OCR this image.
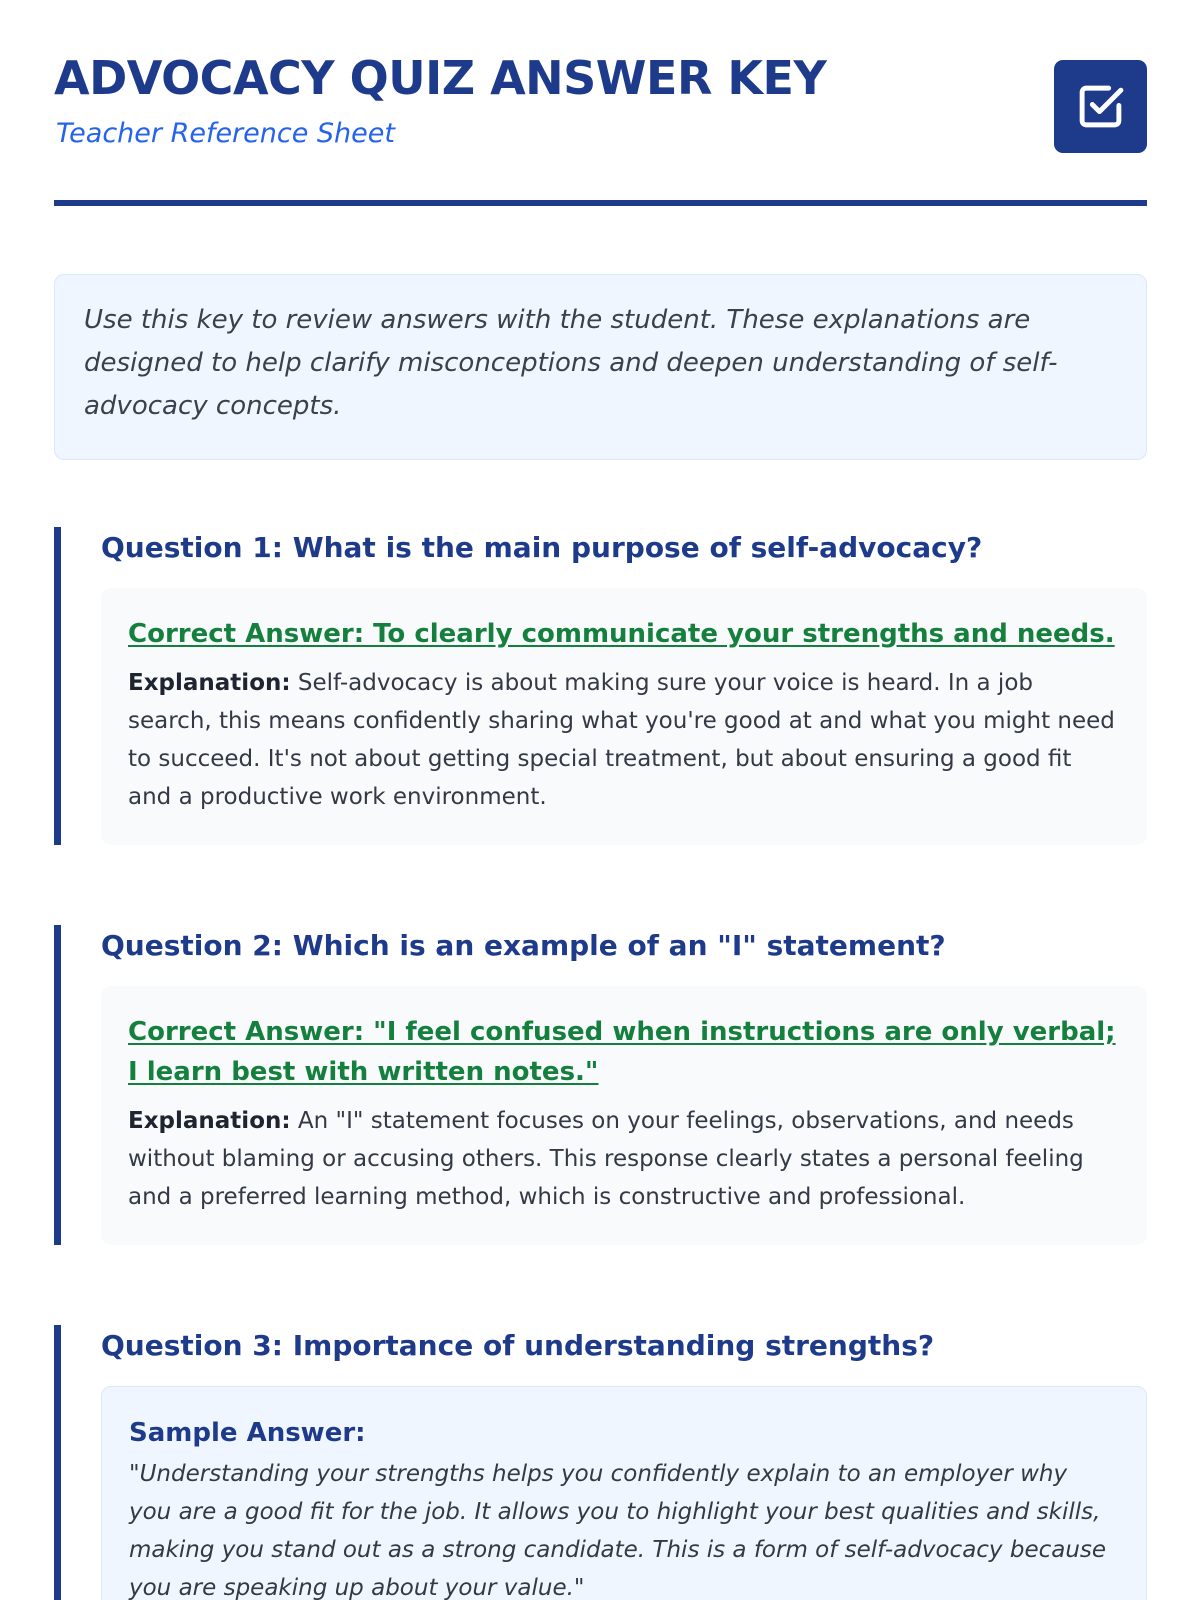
ADVOCACY QUIZ ANSWER KEY
Teacher Reference Sheet
Use this key to review answers with the student. These explanations are designed to help clarify misconceptions and deepen understanding of self-advocacy concepts.
Question 1: What is the main purpose of self-advocacy?
Correct Answer: To clearly communicate your strengths and needs.
Explanation: Self-advocacy is about making sure your voice is heard. In a job search, this means confidently sharing what you're good at and what you might need to succeed. It's not about getting special treatment, but about ensuring a good fit and a productive work environment.
Question 2: Which is an example of an "I" statement?
Correct Answer: "I feel confused when instructions are only verbal; I learn best with written notes."
Explanation: An "I" statement focuses on your feelings, observations, and needs without blaming or accusing others. This response clearly states a personal feeling and a preferred learning method, which is constructive and professional.
Question 3: Importance of understanding strengths?
Sample Answer:
"Understanding your strengths helps you confidently explain to an employer why you are a good fit for the job. It allows you to highlight your best qualities and skills, making you stand out as a strong candidate. This is a form of self-advocacy because you are speaking up about your value."
